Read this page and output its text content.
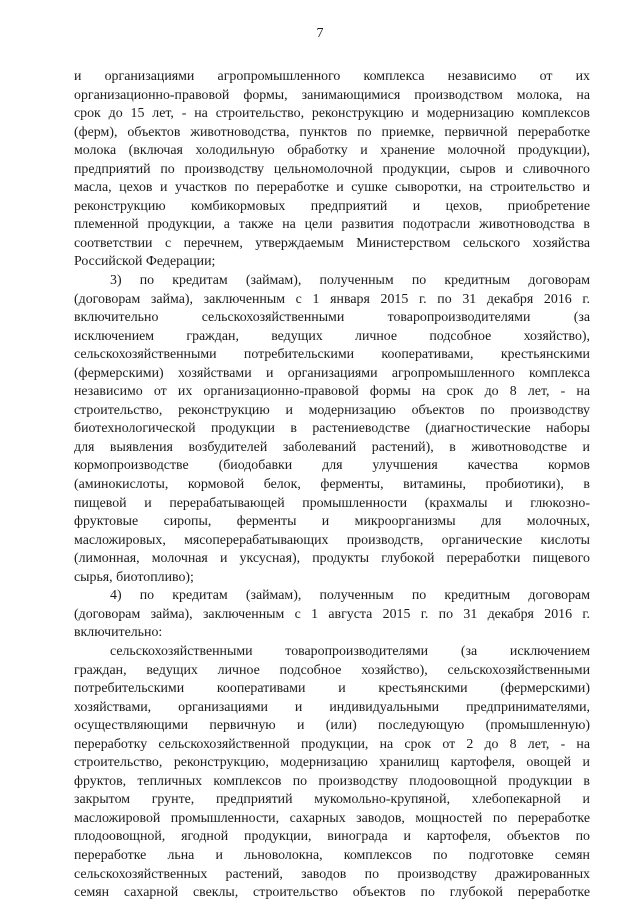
7
и организациями агропромышленного комплекса независимо от их
организационно-правовой формы, занимающимися производством молока, на
срок до 15 лет, - на строительство, реконструкцию и модернизацию комплексов
(ферм), объектов животноводства, пунктов по приемке, первичной переработке
молока (включая холодильную обработку и хранение молочной продукции),
предприятий по производству цельномолочной продукции, сыров и сливочного
масла, цехов и участков по переработке и сушке сыворотки, на строительство и
реконструкцию комбикормовых предприятий и цехов, приобретение
племенной продукции, а также на цели развития подотрасли животноводства в
соответствии с перечнем, утверждаемым Министерством сельского хозяйства
Российской Федерации;
3) по кредитам (займам), полученным по кредитным договорам
(договорам займа), заключенным с 1 января 2015 г. по 31 декабря 2016 г.
включительно сельскохозяйственными товаропроизводителями (за
исключением граждан, ведущих личное подсобное хозяйство),
сельскохозяйственными потребительскими кооперативами, крестьянскими
(фермерскими) хозяйствами и организациями агропромышленного комплекса
независимо от их организационно-правовой формы на срок до 8 лет, - на
строительство, реконструкцию и модернизацию объектов по производству
биотехнологической продукции в растениеводстве (диагностические наборы
для выявления возбудителей заболеваний растений), в животноводстве и
кормопроизводстве (биодобавки для улучшения качества кормов
(аминокислоты, кормовой белок, ферменты, витамины, пробиотики), в
пищевой и перерабатывающей промышленности (крахмалы и глюкозно-
фруктовые сиропы, ферменты и микроорганизмы для молочных,
масложировых, мясоперерабатывающих производств, органические кислоты
(лимонная, молочная и уксусная), продукты глубокой переработки пищевого
сырья, биотопливо);
4) по кредитам (займам), полученным по кредитным договорам
(договорам займа), заключенным с 1 августа 2015 г. по 31 декабря 2016 г.
включительно:
сельскохозяйственными товаропроизводителями (за исключением
граждан, ведущих личное подсобное хозяйство), сельскохозяйственными
потребительскими кооперативами и крестьянскими (фермерскими)
хозяйствами, организациями и индивидуальными предпринимателями,
осуществляющими первичную и (или) последующую (промышленную)
переработку сельскохозяйственной продукции, на срок от 2 до 8 лет, - на
строительство, реконструкцию, модернизацию хранилищ картофеля, овощей и
фруктов, тепличных комплексов по производству плодоовощной продукции в
закрытом грунте, предприятий мукомольно-крупяной, хлебопекарной и
масложировой промышленности, сахарных заводов, мощностей по переработке
плодоовощной, ягодной продукции, винограда и картофеля, объектов по
переработке льна и льноволокна, комплексов по подготовке семян
сельскохозяйственных растений, заводов по производству дражированных
семян сахарной свеклы, строительство объектов по глубокой переработке
